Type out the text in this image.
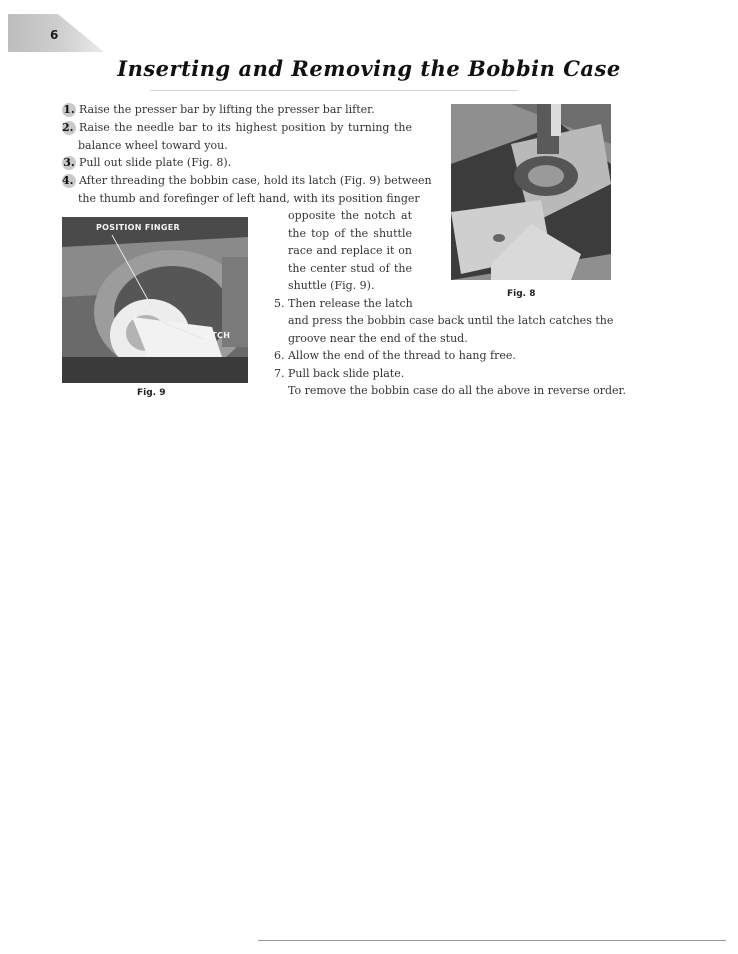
6
Inserting and Removing the Bobbin Case
1. Raise the presser bar by lifting the presser bar lifter.
2. Raise the needle bar to its highest position by turning the
balance wheel toward you.
3. Pull out slide plate (Fig. 8).
4. After threading the bobbin case, hold its latch (Fig. 9) between
the thumb and forefinger of left hand, with its position finger
opposite the notch at
the top of the shuttle
race and replace it on
the center stud of the
shuttle (Fig. 9).
5. Then release the latch
and press the bobbin case back until the latch catches the
groove near the end of the stud.
6. Allow the end of the thread to hang free.
7. Pull back slide plate.
To remove the bobbin case do all the above in reverse order.
Fig. 8
POSITION FINGER
LATCH
Fig. 9
